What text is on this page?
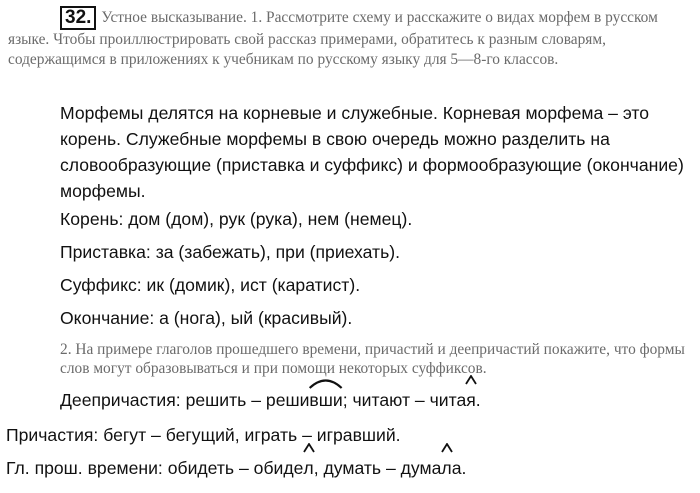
32. Устное высказывание. 1. Рассмотрите схему и расскажите о видах морфем в русском языке. Чтобы проиллюстрировать свой рассказ примерами, обратитесь к разным словарям, содержащимся в приложениях к учебникам по русскому языку для 5—8-го классов.
Морфемы делятся на корневые и служебные. Корневая морфема – это корень. Служебные морфемы в свою очередь можно разделить на словообразующие (приставка и суффикс) и формообразующие (окончание) морфемы.
Корень: дом (дом), рук (рука), нем (немец).
Приставка: за (забежать), при (приехать).
Суффикс: ик (домик), ист (каратист).
Окончание: а (нога), ый (красивый).
2. На примере глаголов прошедшего времени, причастий и деепричастий покажите, что формы слов могут образовываться и при помощи некоторых суффиксов.
Деепричастия: решить – реши
вши; читают – чита
я.
Причастия: бегут – бегущий, играть – игравший.
Гл. прош. времени: обидеть – обиде
л, думать – дума
ла.
